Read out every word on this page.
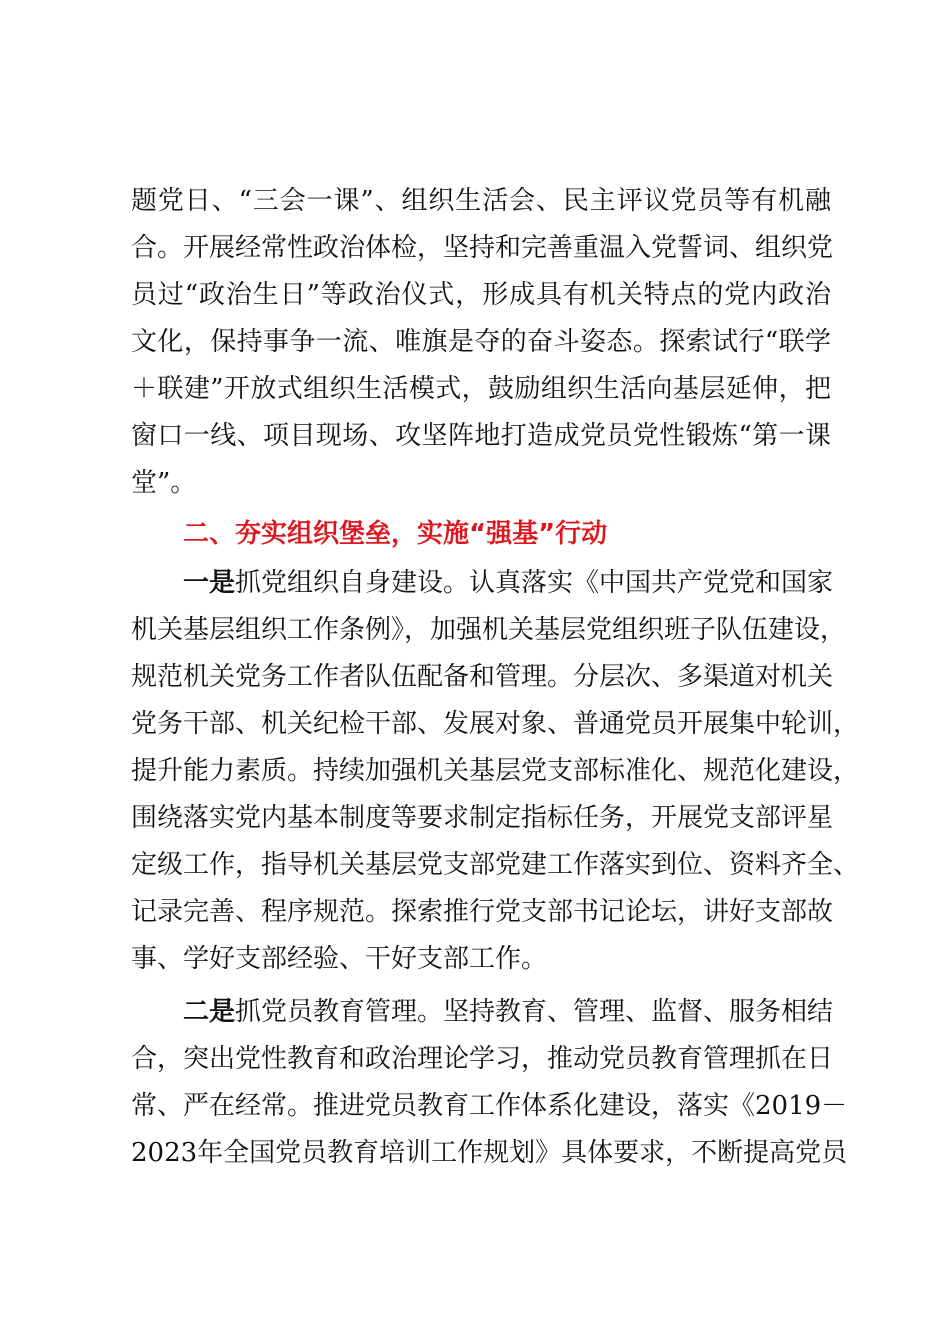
题党日、“三会一课”、组织生活会、民主评议党员等有机融
合。开展经常性政治体检，坚持和完善重温入党誓词、组织党
员过“政治生日”等政治仪式，形成具有机关特点的党内政治
文化，保持事争一流、唯旗是夺的奋斗姿态。探索试行“联学
＋联建”开放式组织生活模式，鼓励组织生活向基层延伸，把
窗口一线、项目现场、攻坚阵地打造成党员党性锻炼“第一课
堂”。
二、夯实组织堡垒，实施“强基”行动
一是抓党组织自身建设。认真落实《中国共产党党和国家
机关基层组织工作条例》，加强机关基层党组织班子队伍建设，
规范机关党务工作者队伍配备和管理。分层次、多渠道对机关
党务干部、机关纪检干部、发展对象、普通党员开展集中轮训，
提升能力素质。持续加强机关基层党支部标准化、规范化建设，
围绕落实党内基本制度等要求制定指标任务，开展党支部评星
定级工作，指导机关基层党支部党建工作落实到位、资料齐全、
记录完善、程序规范。探索推行党支部书记论坛，讲好支部故
事、学好支部经验、干好支部工作。
二是抓党员教育管理。坚持教育、管理、监督、服务相结
合，突出党性教育和政治理论学习，推动党员教育管理抓在日
常、严在经常。推进党员教育工作体系化建设，落实《2019－
2023年全国党员教育培训工作规划》具体要求，不断提高党员
